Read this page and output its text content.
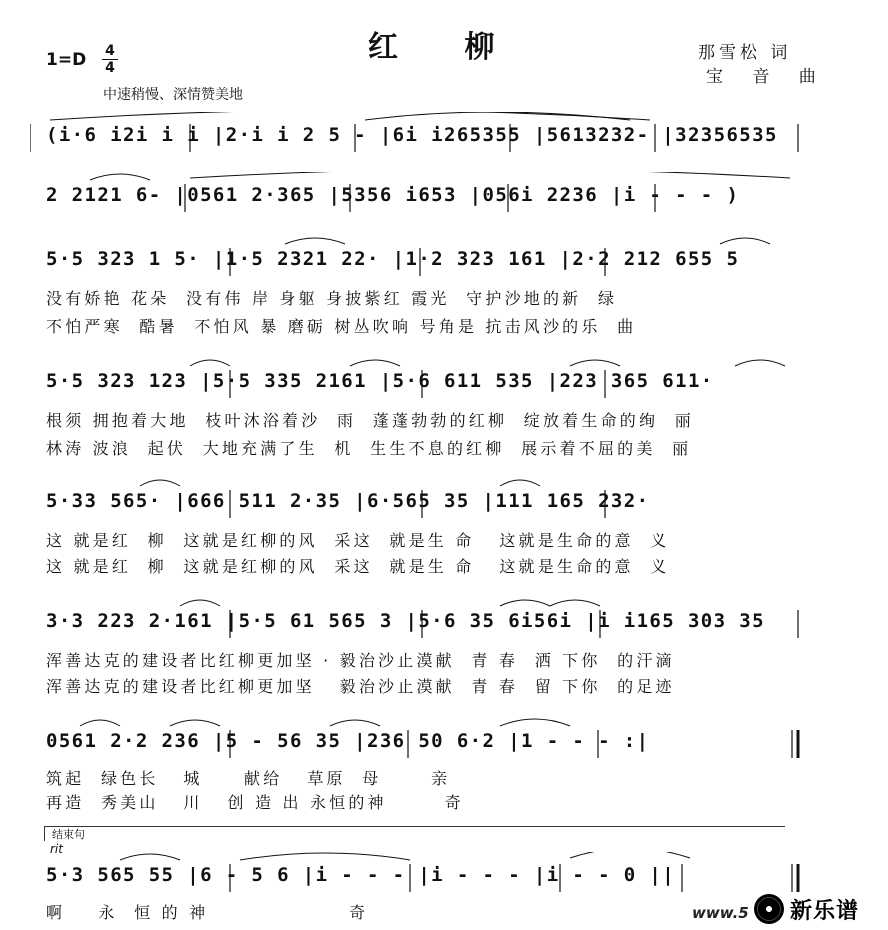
红 柳
1=D 4
4
那雪松 词
宝 音 曲
中速稍慢、深情赞美地
(i·6 i2i i i |2·i i 2 5 - |6i i265355 |5613232- |32356535
2 2121 6- |0561 2·365 |5356 i653 |056i 2236 |i - - - )
5·5 323 1 5· |1·5 2321 22· |1·2 323 161 |2·2 212 655 5
没有娇艳 花朵  没有伟 岸 身躯 身披紫红 霞光  守护沙地的新  绿
不怕严寒  酷暑  不怕风 暴 磨砺 树丛吹响 号角是 抗击风沙的乐  曲
5·5 323 123 |5·5 335 2161 |5·6 611 535 |223 365 611·
根须 拥抱着大地  枝叶沐浴着沙  雨  蓬蓬勃勃的红柳  绽放着生命的绚  丽
林涛 波浪  起伏  大地充满了生  机  生生不息的红柳  展示着不屈的美  丽
5·33 565· |666 511 2·35 |6·565 35 |111 165 232·
这 就是红  柳  这就是红柳的风  采这  就是生 命   这就是生命的意  义
这 就是红  柳  这就是红柳的风  采这  就是生 命   这就是生命的意  义
3·3 223 2·161 |5·5 61 565 3 |5·6 35 6i56i |i i165 303 35
浑善达克的建设者比红柳更加坚 · 毅治沙止漠献  青 春  洒 下你  的汗滴
浑善达克的建设者比红柳更加坚   毅治沙止漠献  青 春  留 下你  的足迹
0561 2·2 236 |5 - 56 35 |236 50 6·2 |1 - - - :|
筑起  绿色长   城     献给   草原  母      亲
再造  秀美山   川   创 造 出 永恒的神       奇
结束句
rit
5·3 565 55 |6 - 5 6 |i - - - |i - - - |i - - 0 ||
啊    永  恒 的 神                 奇	www.5 新乐谱
